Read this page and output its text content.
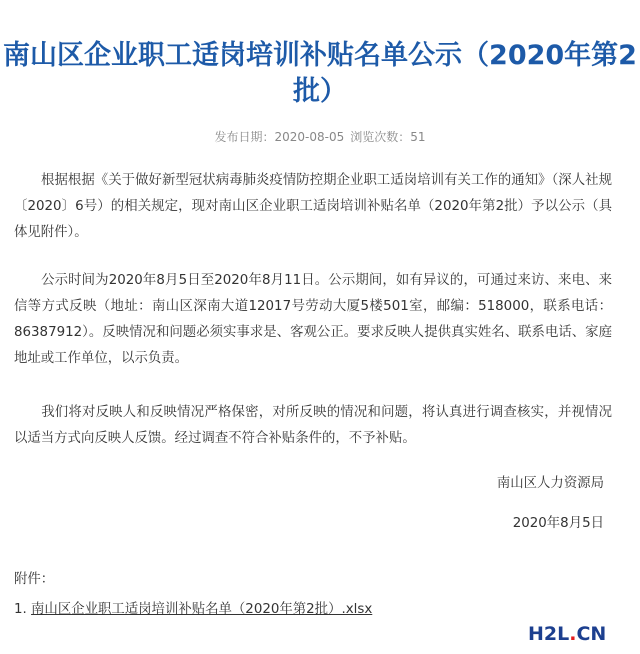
南山区企业职工适岗培训补贴名单公示（2020年第2批）
发布日期：2020-08-05 浏览次数：51

根据根据《关于做好新型冠状病毒肺炎疫情防控期企业职工适岗培训有关工作的通知》（深人社规〔2020〕6号）的相关规定，现对南山区企业职工适岗培训补贴名单（2020年第2批）予以公示（具体见附件）。

公示时间为2020年8月5日至2020年8月11日。公示期间，如有异议的，可通过来访、来电、来信等方式反映（地址：南山区深南大道12017号劳动大厦5楼501室，邮编：518000，联系电话：86387912）。反映情况和问题必须实事求是、客观公正。要求反映人提供真实姓名、联系电话、家庭地址或工作单位，以示负责。

我们将对反映人和反映情况严格保密，对所反映的情况和问题，将认真进行调查核实，并视情况以适当方式向反映人反馈。经过调查不符合补贴条件的，不予补贴。

南山区人力资源局
2020年8月5日
附件：
1. 南山区企业职工适岗培训补贴名单（2020年第2批）.xlsx
H2L.CN
